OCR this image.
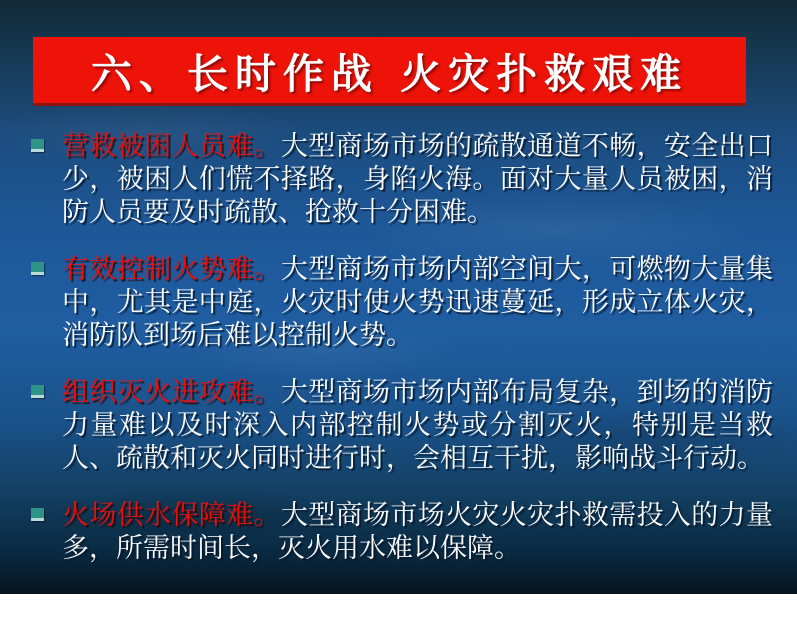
六、长时作战 火灾扑救艰难

营救被困人员难。大型商场市场的疏散通道不畅，安全出口少，被困人们慌不择路，身陷火海。面对大量人员被困，消防人员要及时疏散、抢救十分困难。

有效控制火势难。大型商场市场内部空间大，可燃物大量集中，尤其是中庭，火灾时使火势迅速蔓延，形成立体火灾，消防队到场后难以控制火势。

组织灭火进攻难。大型商场市场内部布局复杂，到场的消防力量难以及时深入内部控制火势或分割灭火，特别是当救人、疏散和灭火同时进行时，会相互干扰，影响战斗行动。

火场供水保障难。大型商场市场火灾火灾扑救需投入的力量多，所需时间长，灭火用水难以保障。
